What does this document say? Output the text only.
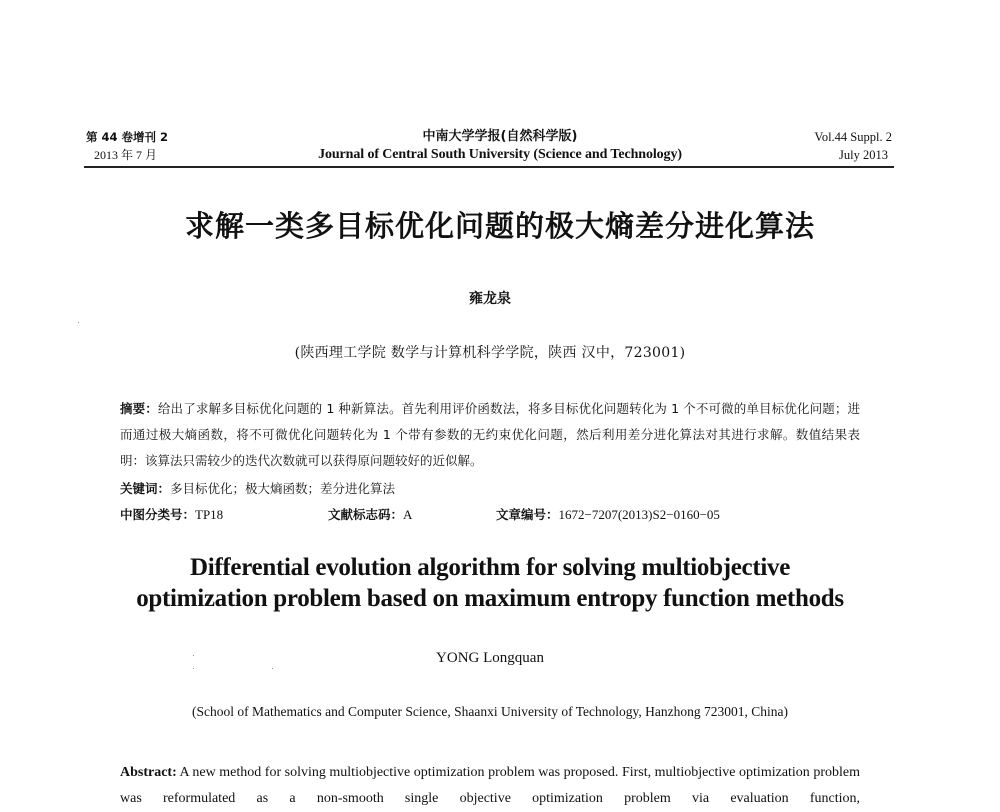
第 44 卷增刊 2
2013 年 7 月
中南大学学报(自然科学版)
Journal of Central South University (Science and Technology)
Vol.44 Suppl. 2
July 2013
求解一类多目标优化问题的极大熵差分进化算法
雍龙泉
(陕西理工学院 数学与计算机科学学院，陕西 汉中，723001)
摘要：给出了求解多目标优化问题的 1 种新算法。首先利用评价函数法，将多目标优化问题转化为 1 个不可微的单目标优化问题；进而通过极大熵函数，将不可微优化问题转化为 1 个带有参数的无约束优化问题，然后利用差分进化算法对其进行求解。数值结果表明：该算法只需较少的迭代次数就可以获得原问题较好的近似解。
关键词：多目标优化；极大熵函数；差分进化算法
中图分类号：TP18	文献标志码：A	文章编号：1672−7207(2013)S2−0160−05
Differential evolution algorithm for solving multiobjective
optimization problem based on maximum entropy function methods
YONG Longquan
(School of Mathematics and Computer Science, Shaanxi University of Technology, Hanzhong 723001, China)
Abstract: A new method for solving multiobjective optimization problem was proposed. First, multiobjective optimization problem was reformulated as a non-smooth single objective optimization problem via evaluation function,
